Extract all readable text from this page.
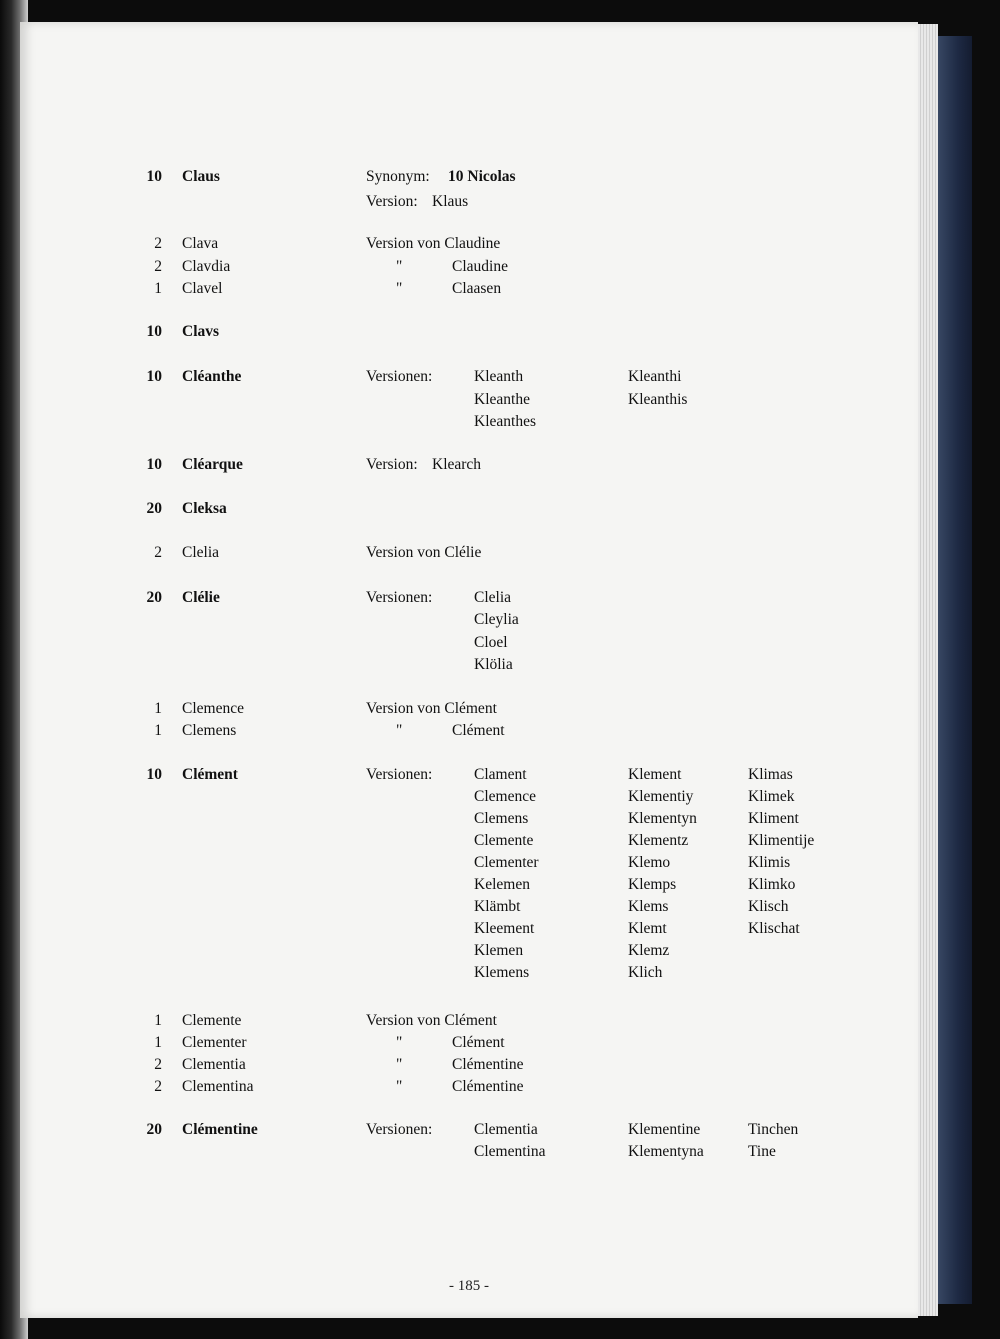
10 Claus	Synonym: 10 Nicolas
Version: Klaus
2 Clava	Version von Claudine
2 Clavdia	"	Claudine
1 Clavel	"	Claasen
10 Clavs
10 Cléanthe	Versionen:	Kleanth	Kleanthi
Kleanthe	Kleanthis
Kleanthes
10 Cléarque	Version: Klearch
20 Cleksa
2 Clelia	Version von Clélie
20 Clélie	Versionen:	Clelia
Cleylia
Cloel
Klölia
1 Clemence	Version von Clément
1 Clemens	"	Clément
10 Clément	Versionen:	Clament	Klement	Klimas
Clemence	Klementiy	Klimek
Clemens	Klementyn	Kliment
Clemente	Klementz	Klimentije
Clementer	Klemo	Klimis
Kelemen	Klemps	Klimko
Klämbt	Klems	Klisch
Kleement	Klemt	Klischat
Klemen	Klemz
Klemens	Klich
1 Clemente	Version von Clément
1 Clementer	"	Clément
2 Clementia	"	Clémentine
2 Clementina	"	Clémentine
20 Clémentine	Versionen:	Clementia	Klementine	Tinchen
Clementina	Klementyna	Tine
- 185 -
